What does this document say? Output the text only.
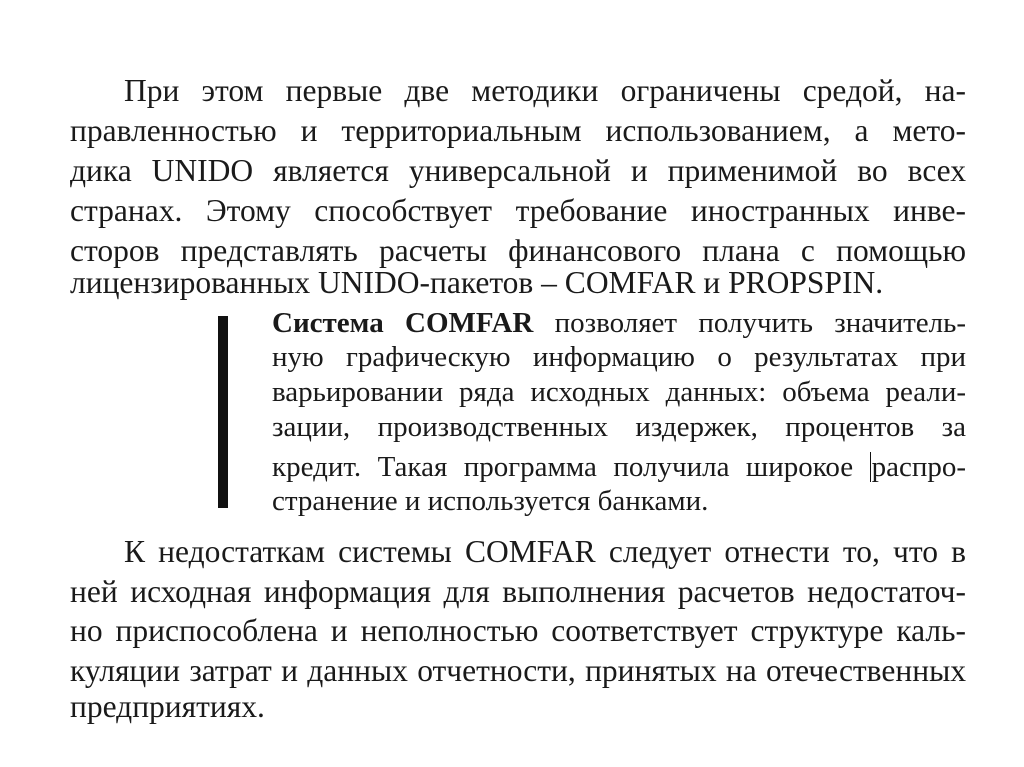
При этом первые две методики ограничены средой, на-
правленностью и территориальным использованием, а мето-
дика UNIDO является универсальной и применимой во всех
странах. Этому способствует требование иностранных инве-
сторов представлять расчеты финансового плана с помощью
лицензированных UNIDO-пакетов – COMFAR и PROPSPIN.
Система COMFAR позволяет получить значитель-
ную графическую информацию о результатах при
варьировании ряда исходных данных: объема реали-
зации, производственных издержек, процентов за
кредит. Такая программа получила широкое распро-
странение и используется банками.
К недостаткам системы COMFAR следует отнести то, что в
ней исходная информация для выполнения расчетов недостаточ-
но приспособлена и неполностью соответствует структуре каль-
куляции затрат и данных отчетности, принятых на отечественных
предприятиях.
